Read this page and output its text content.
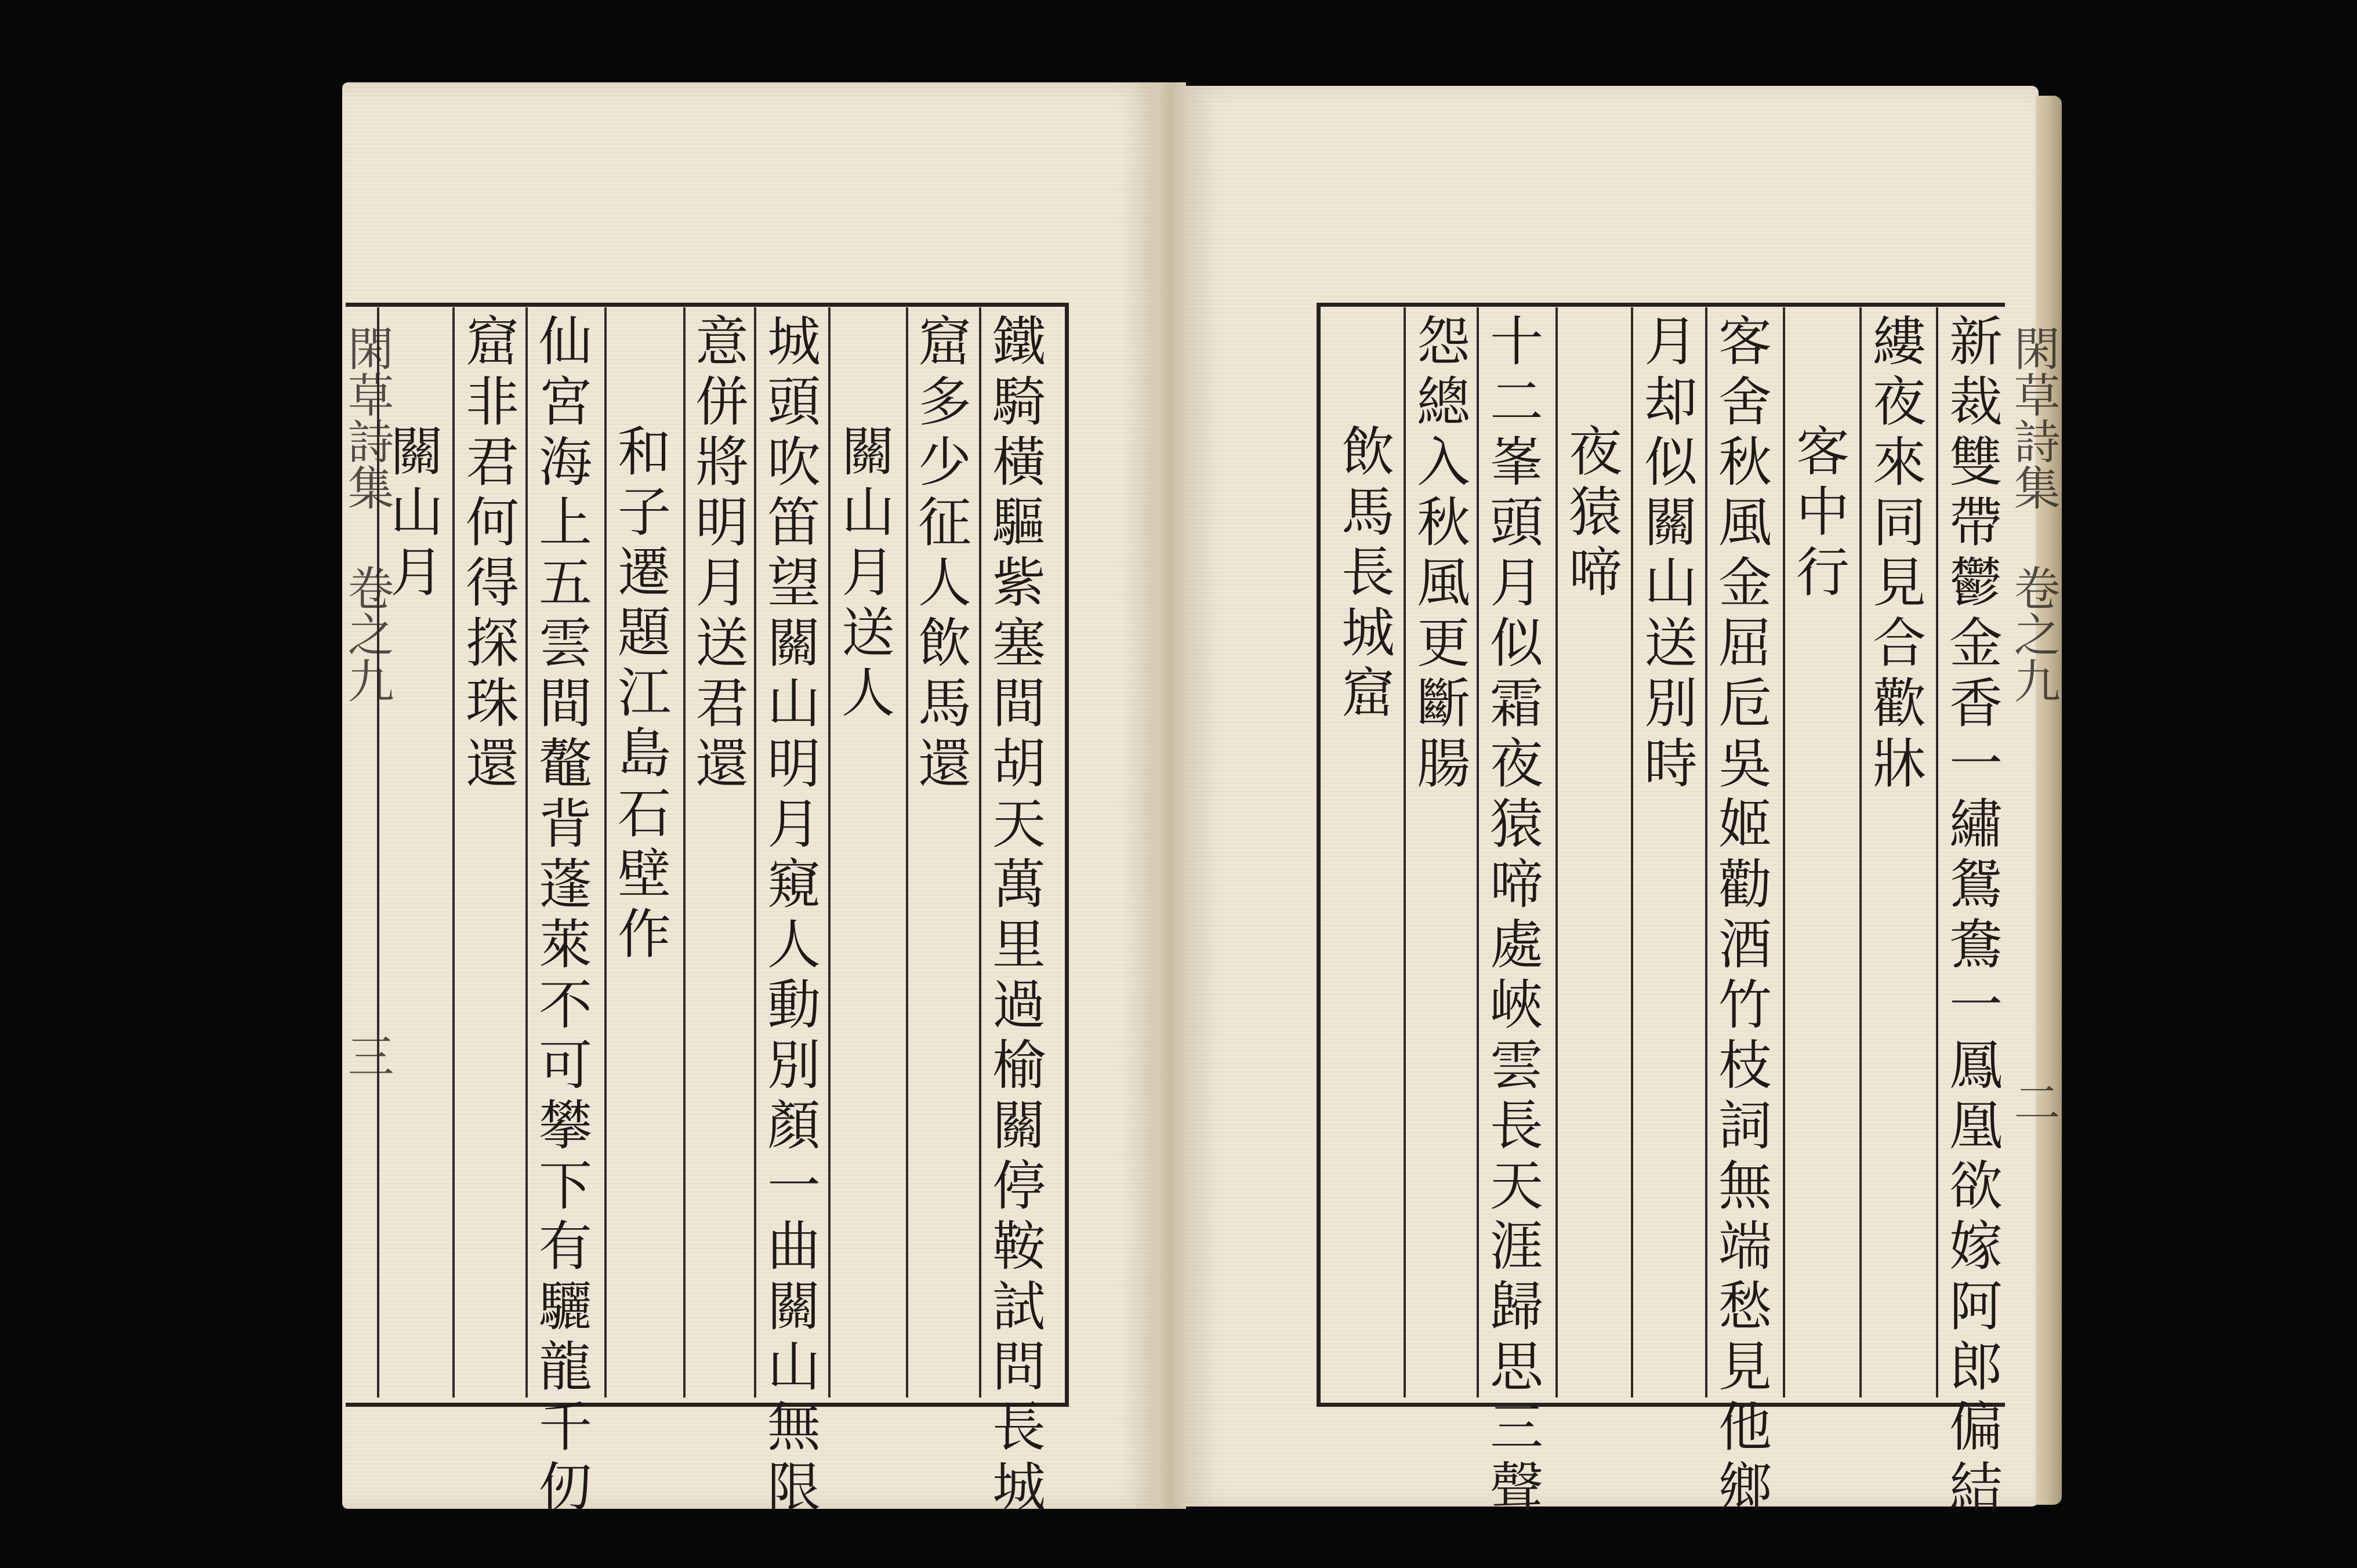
鐵騎橫驅紫塞間胡天萬里過榆關停鞍試問長城
窟多少征人飲馬還
關山月送人
城頭吹笛望關山明月窺人動別顏一曲關山無限
意併將明月送君還
和子遷題江島石壁作
仙宮海上五雲間鼇背蓬萊不可攀下有驪龍千仞
窟非君何得探珠還
關山月
閑草詩集 卷之九
三	新裁雙帶鬱金香一繡鴛鴦一鳳凰欲嫁阿郎偏結
縷夜來同見合歡牀
客中行
客舍秋風金屈卮吳姬勸酒竹枝詞無端愁見他鄉
月却似關山送別時
夜猿啼
十二峯頭月似霜夜猿啼處峽雲長天涯歸思三聲
怨總入秋風更斷腸
飲馬長城窟	閑草詩集 卷之九
二
